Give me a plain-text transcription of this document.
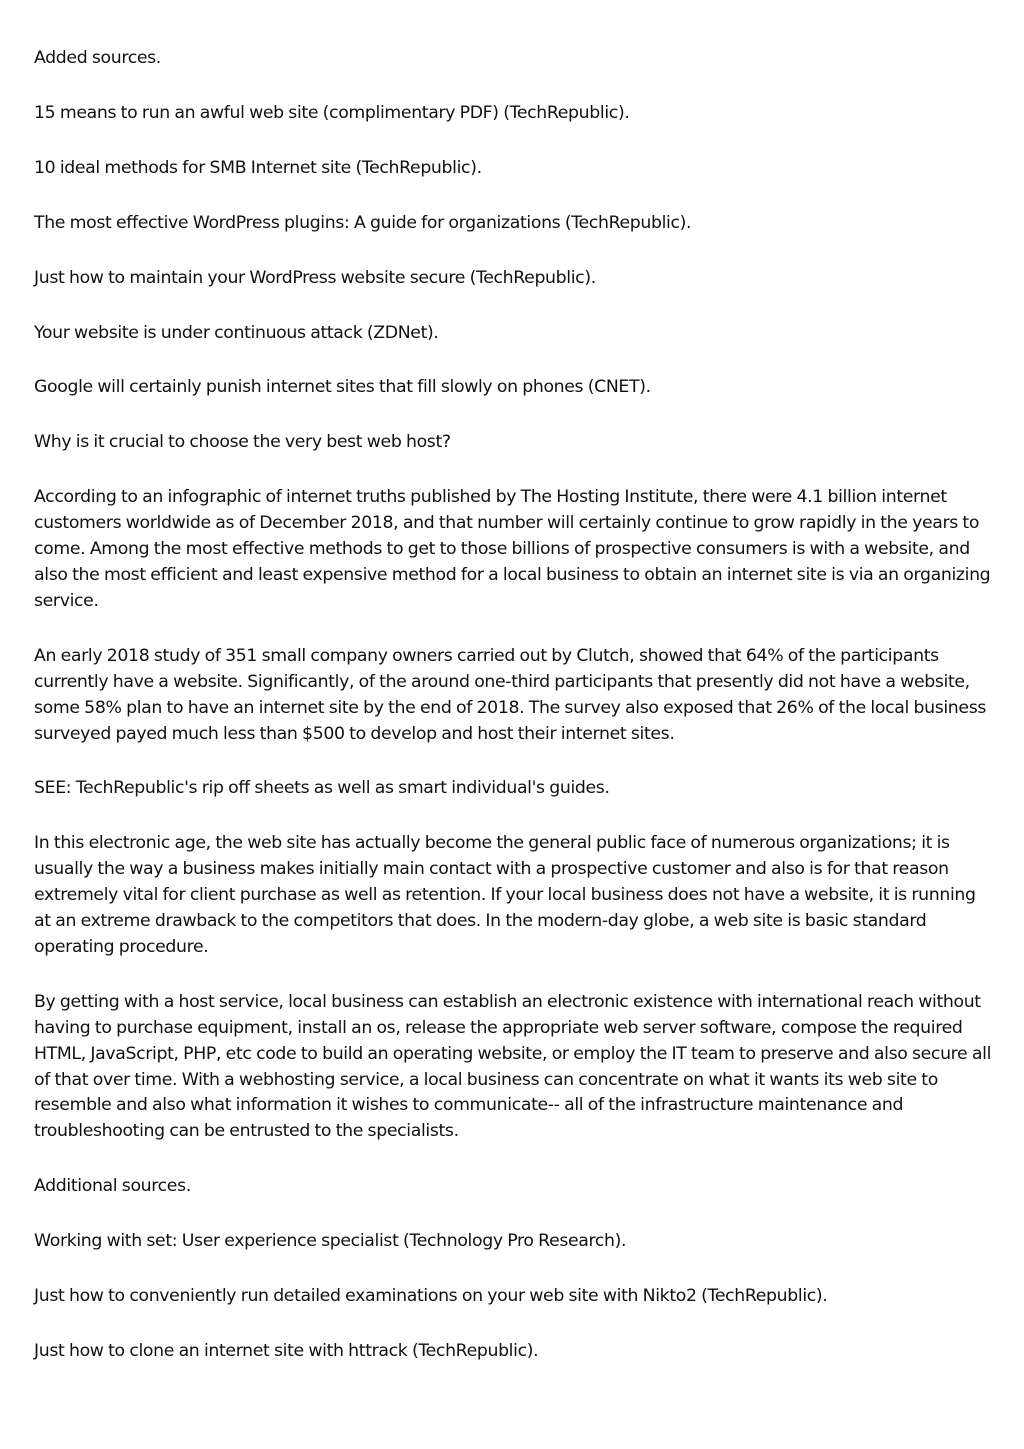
Added sources.

15 means to run an awful web site (complimentary PDF) (TechRepublic).

10 ideal methods for SMB Internet site (TechRepublic).

The most effective WordPress plugins: A guide for organizations (TechRepublic).

Just how to maintain your WordPress website secure (TechRepublic).

Your website is under continuous attack (ZDNet).

Google will certainly punish internet sites that fill slowly on phones (CNET).

Why is it crucial to choose the very best web host?

According to an infographic of internet truths published by The Hosting Institute, there were 4.1 billion internet customers worldwide as of December 2018, and that number will certainly continue to grow rapidly in the years to come. Among the most effective methods to get to those billions of prospective consumers is with a website, and also the most efficient and least expensive method for a local business to obtain an internet site is via an organizing service.

An early 2018 study of 351 small company owners carried out by Clutch, showed that 64% of the participants currently have a website. Significantly, of the around one-third participants that presently did not have a website, some 58% plan to have an internet site by the end of 2018. The survey also exposed that 26% of the local business surveyed payed much less than $500 to develop and host their internet sites.

SEE: TechRepublic's rip off sheets as well as smart individual's guides.

In this electronic age, the web site has actually become the general public face of numerous organizations; it is usually the way a business makes initially main contact with a prospective customer and also is for that reason extremely vital for client purchase as well as retention. If your local business does not have a website, it is running at an extreme drawback to the competitors that does. In the modern-day globe, a web site is basic standard operating procedure.

By getting with a host service, local business can establish an electronic existence with international reach without having to purchase equipment, install an os, release the appropriate web server software, compose the required HTML, JavaScript, PHP, etc code to build an operating website, or employ the IT team to preserve and also secure all of that over time. With a webhosting service, a local business can concentrate on what it wants its web site to resemble and also what information it wishes to communicate-- all of the infrastructure maintenance and troubleshooting can be entrusted to the specialists.

Additional sources.

Working with set: User experience specialist (Technology Pro Research).

Just how to conveniently run detailed examinations on your web site with Nikto2 (TechRepublic).

Just how to clone an internet site with httrack (TechRepublic).
